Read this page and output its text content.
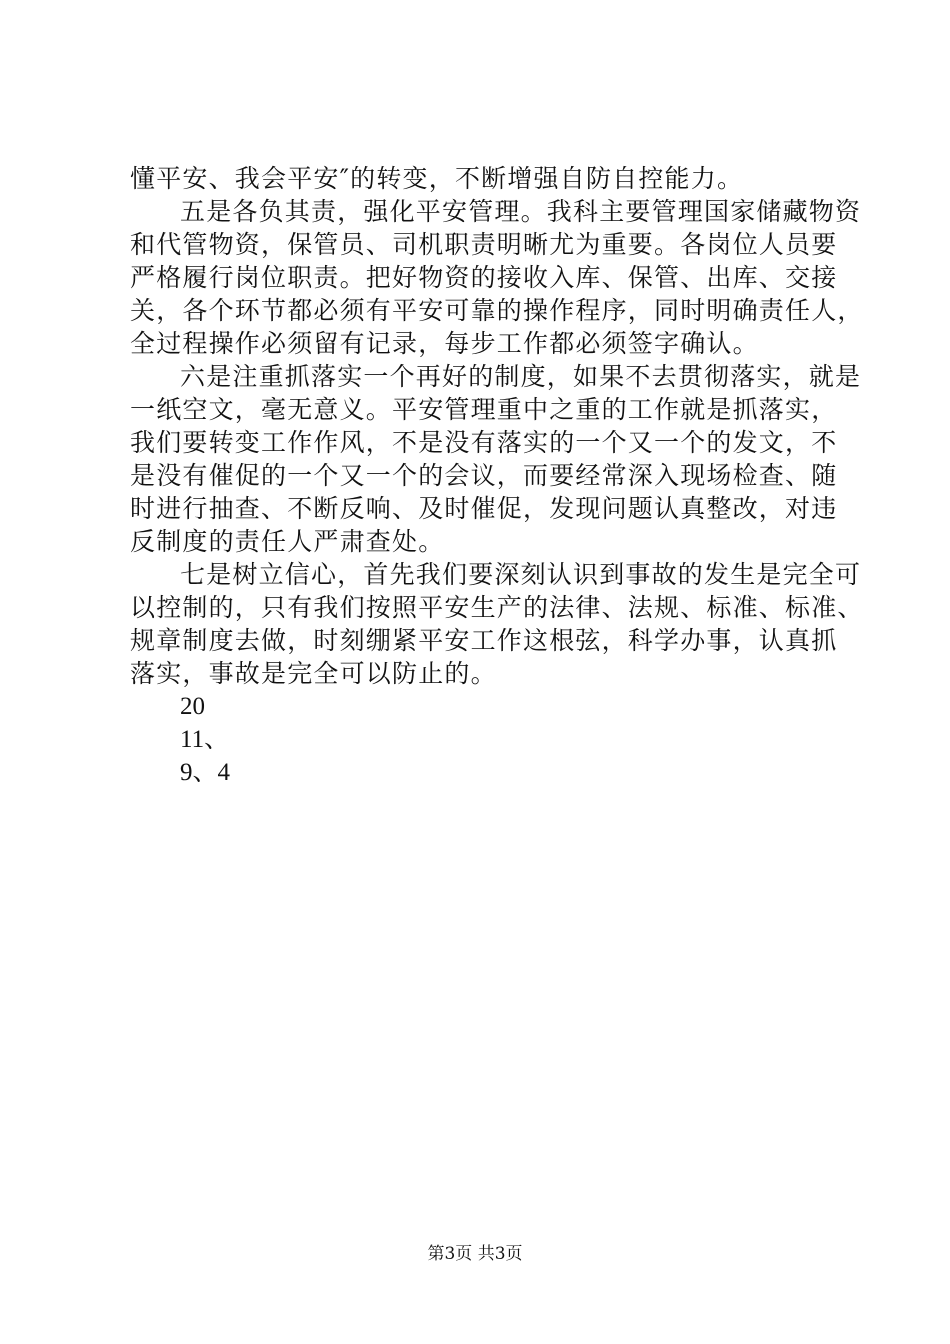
懂平安、我会平安″的转变，不断增强自防自控能力。
五是各负其责，强化平安管理。我科主要管理国家储藏物资
和代管物资，保管员、司机职责明晰尤为重要。各岗位人员要
严格履行岗位职责。把好物资的接收入库、保管、出库、交接
关，各个环节都必须有平安可靠的操作程序，同时明确责任人，
全过程操作必须留有记录，每步工作都必须签字确认。
六是注重抓落实一个再好的制度，如果不去贯彻落实，就是
一纸空文，毫无意义。平安管理重中之重的工作就是抓落实，
我们要转变工作作风，不是没有落实的一个又一个的发文，不
是没有催促的一个又一个的会议，而要经常深入现场检查、随
时进行抽查、不断反响、及时催促，发现问题认真整改，对违
反制度的责任人严肃查处。
七是树立信心，首先我们要深刻认识到事故的发生是完全可
以控制的，只有我们按照平安生产的法律、法规、标准、标准、
规章制度去做，时刻绷紧平安工作这根弦，科学办事，认真抓
落实，事故是完全可以防止的。
20
11、
9、4
第3页 共3页
